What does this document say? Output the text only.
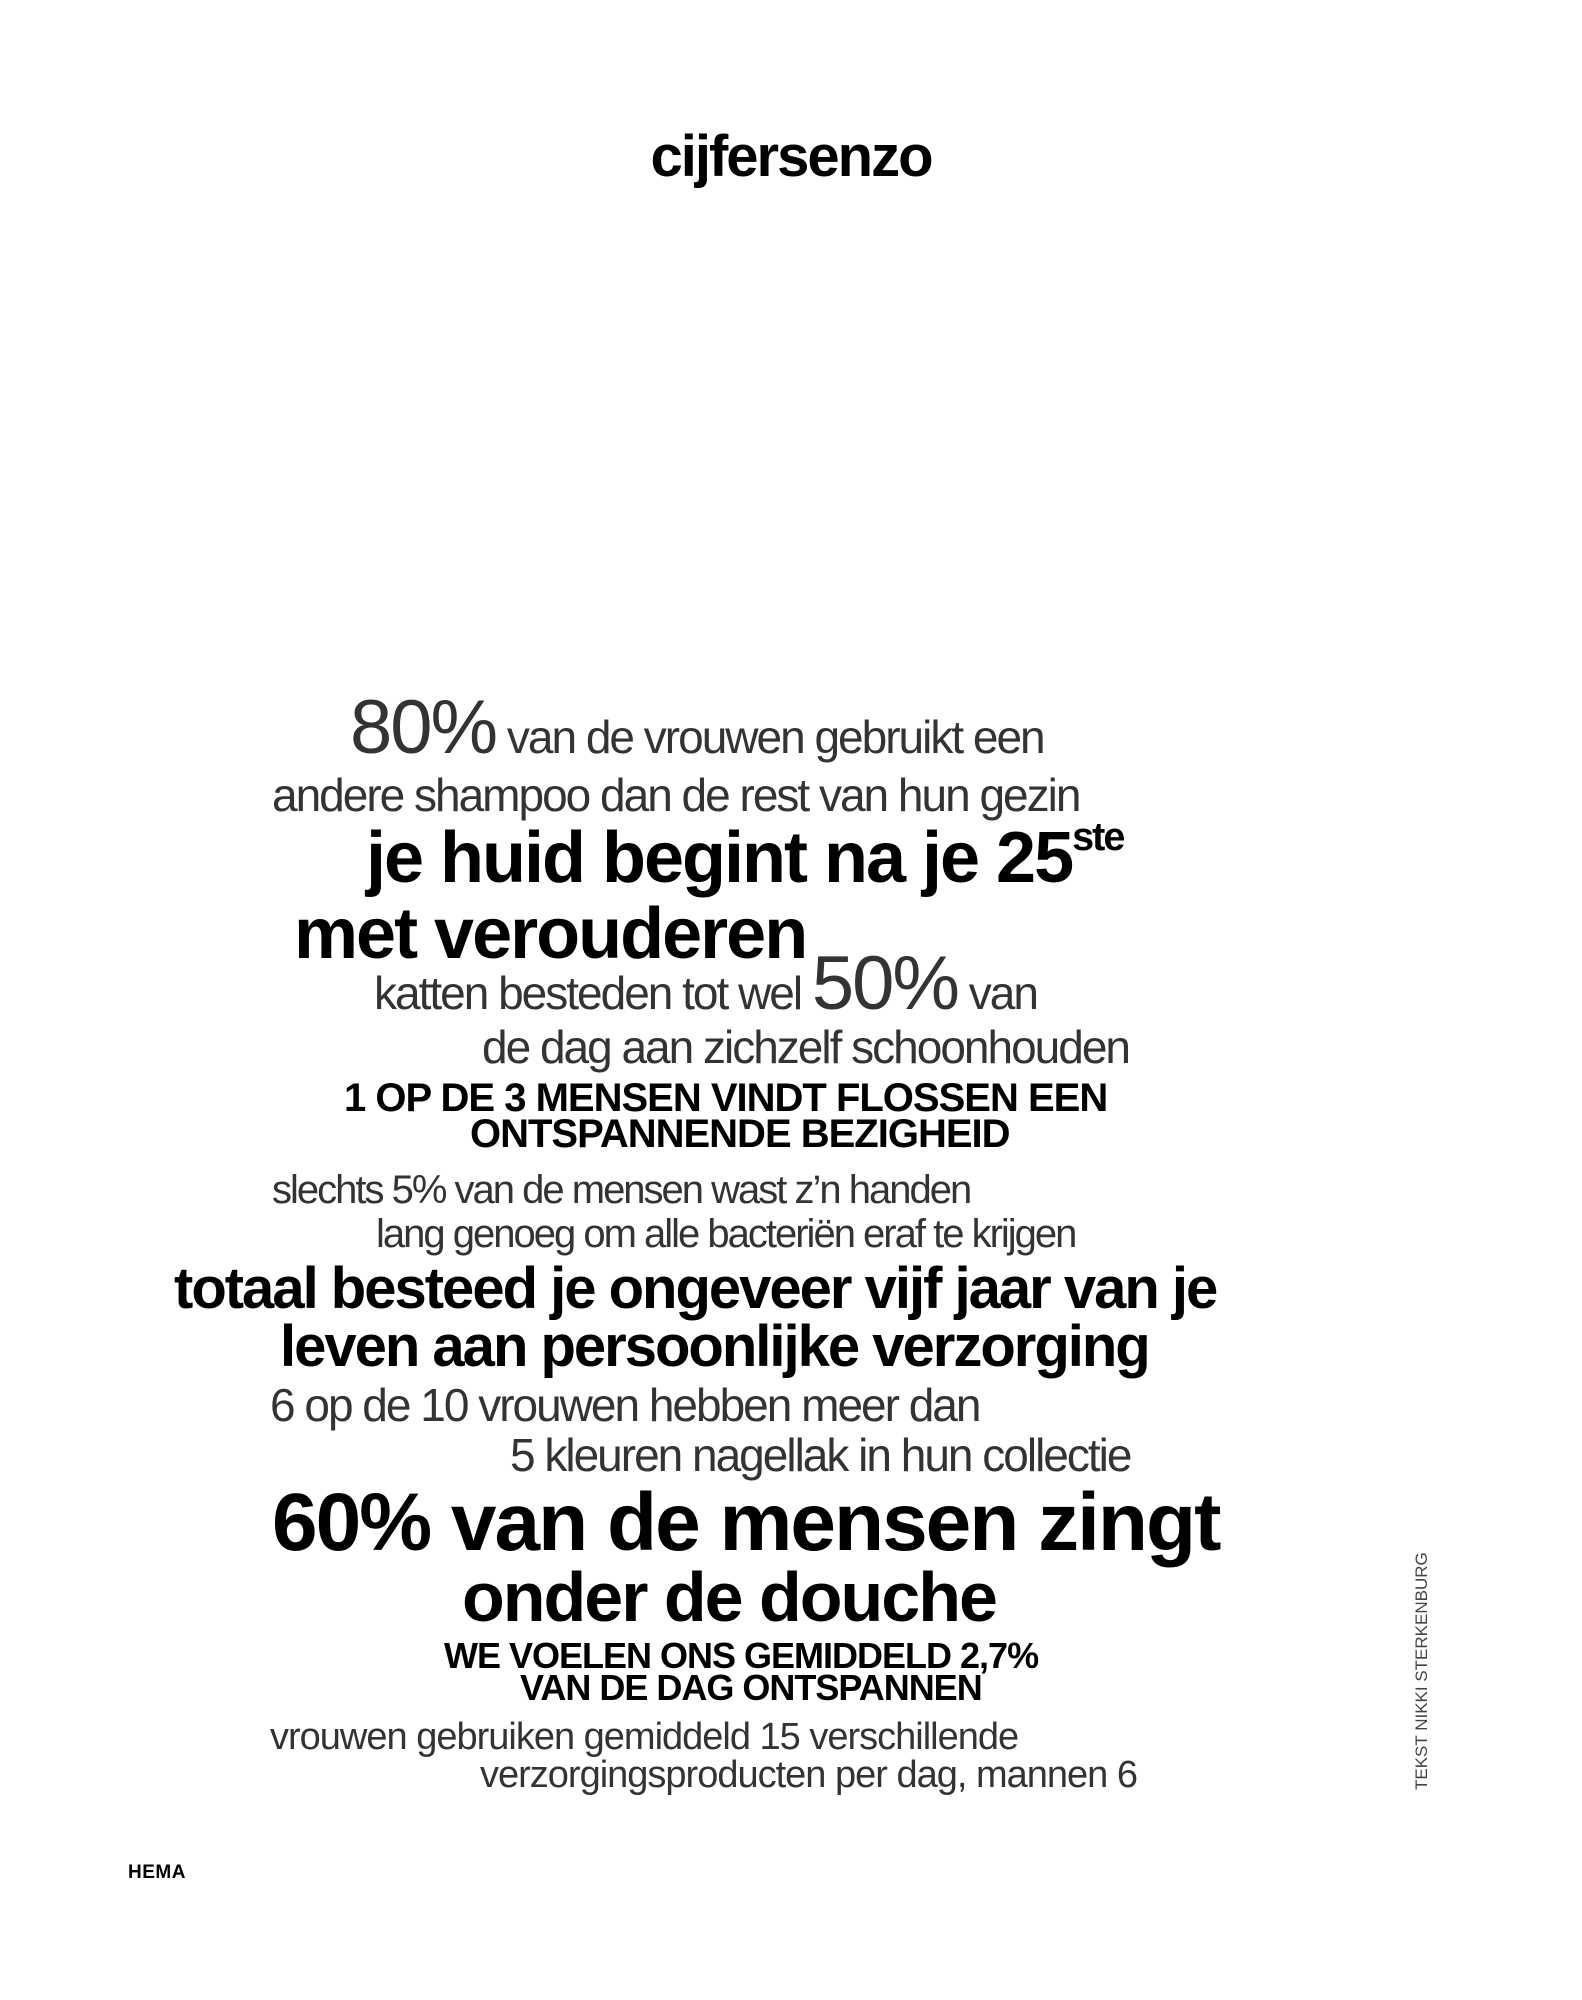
cijfersenzo
80% van de vrouwen gebruikt een
andere shampoo dan de rest van hun gezin
je huid begint na je 25ste
met verouderen
katten besteden tot wel 50% van
de dag aan zichzelf schoonhouden
1 OP DE 3 MENSEN VINDT FLOSSEN EEN
ONTSPANNENDE BEZIGHEID
slechts 5% van de mensen wast z’n handen
lang genoeg om alle bacteriën eraf te krijgen
totaal besteed je ongeveer vijf jaar van je
leven aan persoonlijke verzorging
6 op de 10 vrouwen hebben meer dan
5 kleuren nagellak in hun collectie
60% van de mensen zingt
onder de douche
WE VOELEN ONS GEMIDDELD 2,7%
VAN DE DAG ONTSPANNEN
vrouwen gebruiken gemiddeld 15 verschillende
verzorgingsproducten per dag, mannen 6	TEKST NIKKI STERKENBURG
HEMA
